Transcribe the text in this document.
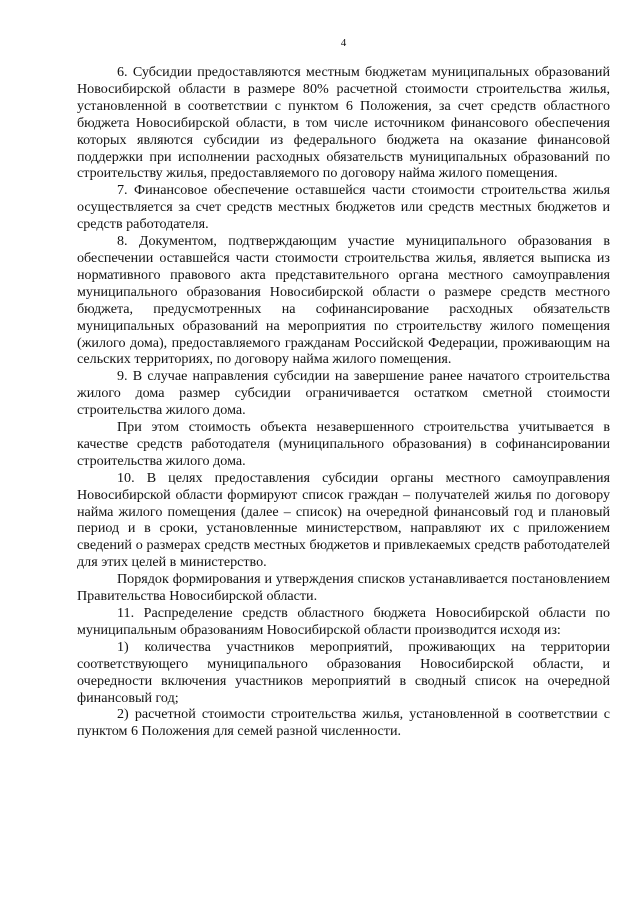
4

6. Субсидии предоставляются местным бюджетам муниципальных образований Новосибирской области в размере 80% расчетной стоимости строительства жилья, установленной в соответствии с пунктом 6 Положения, за счет средств областного бюджета Новосибирской области, в том числе источником финансового обеспечения которых являются субсидии из федерального бюджета на оказание финансовой поддержки при исполнении расходных обязательств муниципальных образований по строительству жилья, предоставляемого по договору найма жилого помещения.

7. Финансовое обеспечение оставшейся части стоимости строительства жилья осуществляется за счет средств местных бюджетов или средств местных бюджетов и средств работодателя.

8. Документом, подтверждающим участие муниципального образования в обеспечении оставшейся части стоимости строительства жилья, является выписка из нормативного правового акта представительного органа местного самоуправления муниципального образования Новосибирской области о размере средств местного бюджета, предусмотренных на софинансирование расходных обязательств муниципальных образований на мероприятия по строительству жилого помещения (жилого дома), предоставляемого гражданам Российской Федерации, проживающим на сельских территориях, по договору найма жилого помещения.

9. В случае направления субсидии на завершение ранее начатого строительства жилого дома размер субсидии ограничивается остатком сметной стоимости строительства жилого дома.

При этом стоимость объекта незавершенного строительства учитывается в качестве средств работодателя (муниципального образования) в софинансировании строительства жилого дома.

10. В целях предоставления субсидии органы местного самоуправления Новосибирской области формируют список граждан – получателей жилья по договору найма жилого помещения (далее – список) на очередной финансовый год и плановый период и в сроки, установленные министерством, направляют их с приложением сведений о размерах средств местных бюджетов и привлекаемых средств работодателей для этих целей в министерство.

Порядок формирования и утверждения списков устанавливается постановлением Правительства Новосибирской области.

11. Распределение средств областного бюджета Новосибирской области по муниципальным образованиям Новосибирской области производится исходя из:

1) количества участников мероприятий, проживающих на территории соответствующего муниципального образования Новосибирской области, и очередности включения участников мероприятий в сводный список на очередной финансовый год;

2) расчетной стоимости строительства жилья, установленной в соответствии с пунктом 6 Положения для семей разной численности.
